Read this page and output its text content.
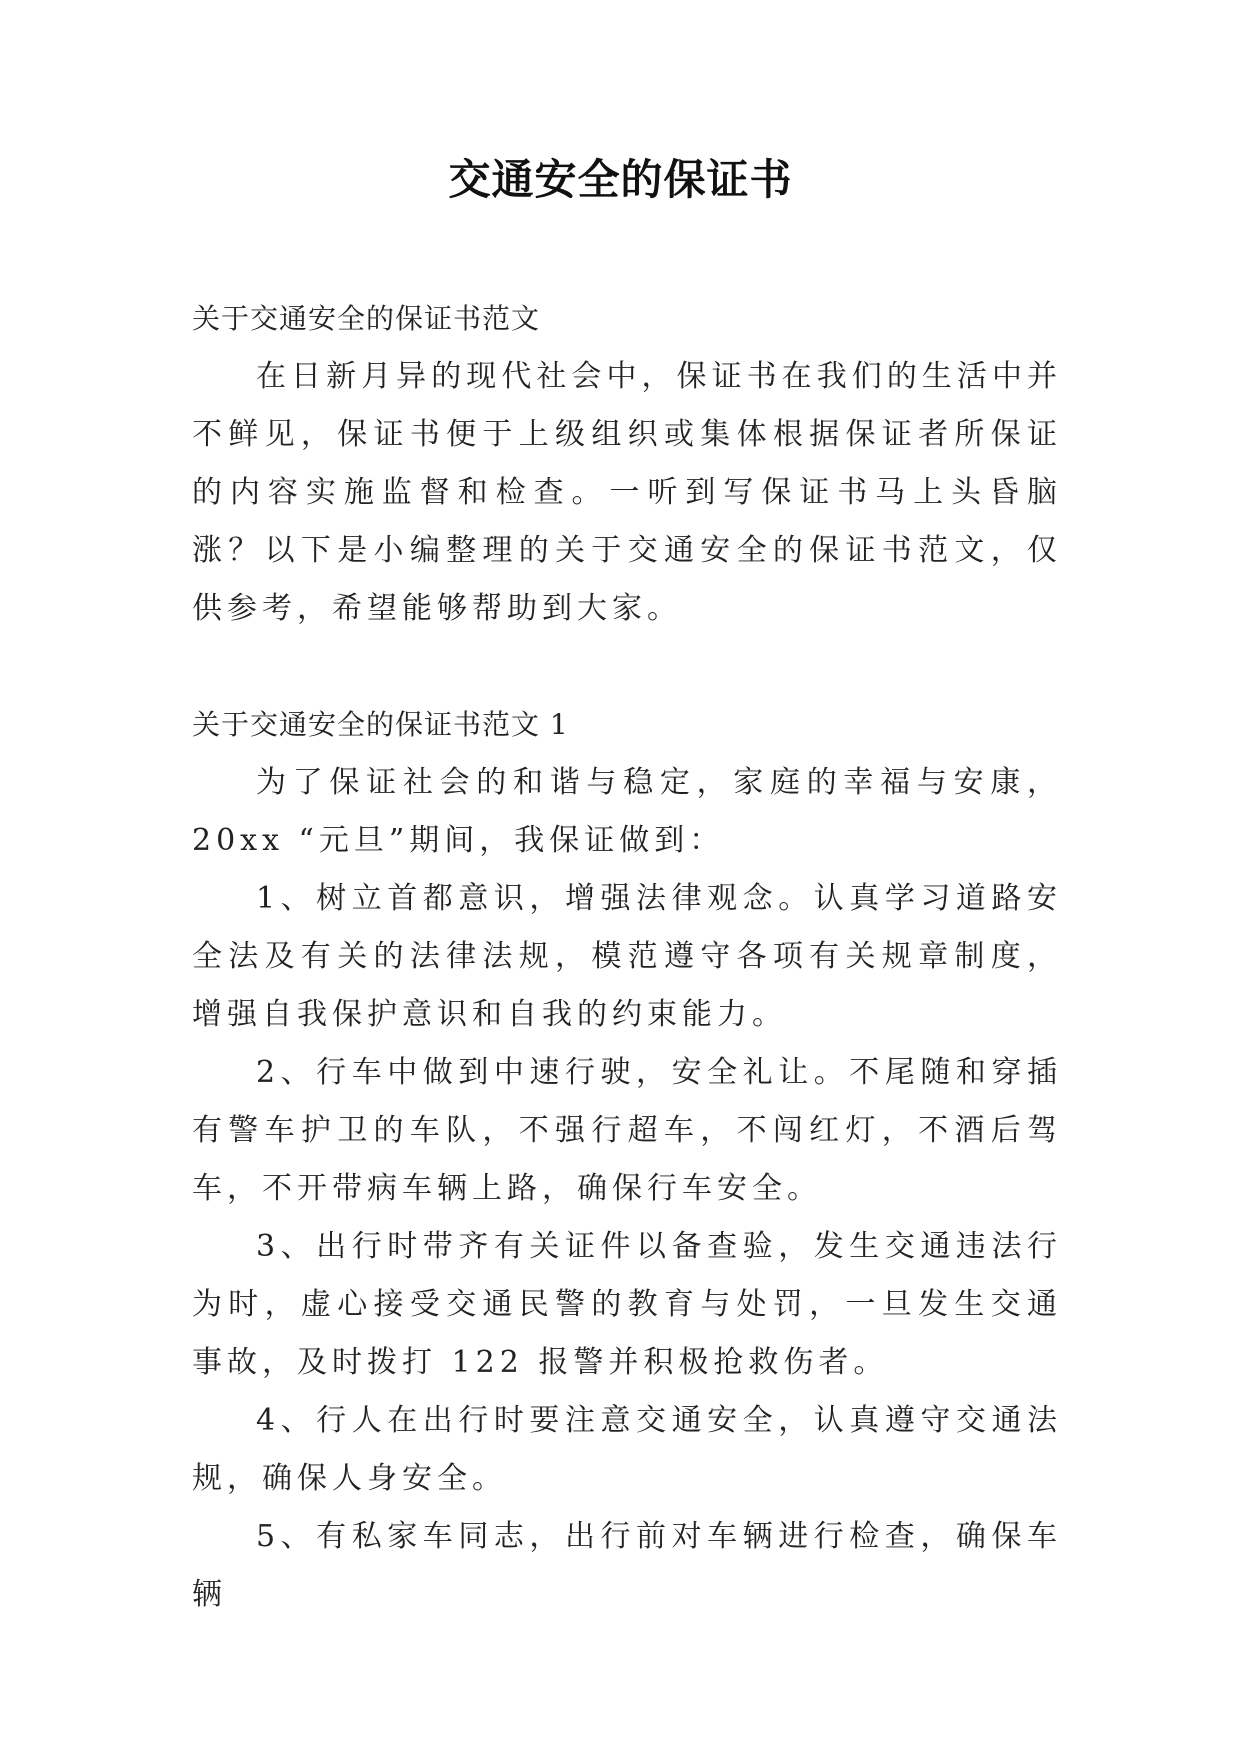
交通安全的保证书

关于交通安全的保证书范文

在日新月异的现代社会中，保证书在我们的生活中并不鲜见，保证书便于上级组织或集体根据保证者所保证的内容实施监督和检查。一听到写保证书马上头昏脑涨？以下是小编整理的关于交通安全的保证书范文，仅供参考，希望能够帮助到大家。

关于交通安全的保证书范文 1

为了保证社会的和谐与稳定，家庭的幸福与安康，20xx “元旦”期间，我保证做到：

1、树立首都意识，增强法律观念。认真学习道路安全法及有关的法律法规，模范遵守各项有关规章制度，增强自我保护意识和自我的约束能力。

2、行车中做到中速行驶，安全礼让。不尾随和穿插有警车护卫的车队，不强行超车，不闯红灯，不酒后驾车，不开带病车辆上路，确保行车安全。

3、出行时带齐有关证件以备查验，发生交通违法行为时，虚心接受交通民警的教育与处罚，一旦发生交通事故，及时拨打 122 报警并积极抢救伤者。

4、行人在出行时要注意交通安全，认真遵守交通法规，确保人身安全。

5、有私家车同志，出行前对车辆进行检查，确保车辆
